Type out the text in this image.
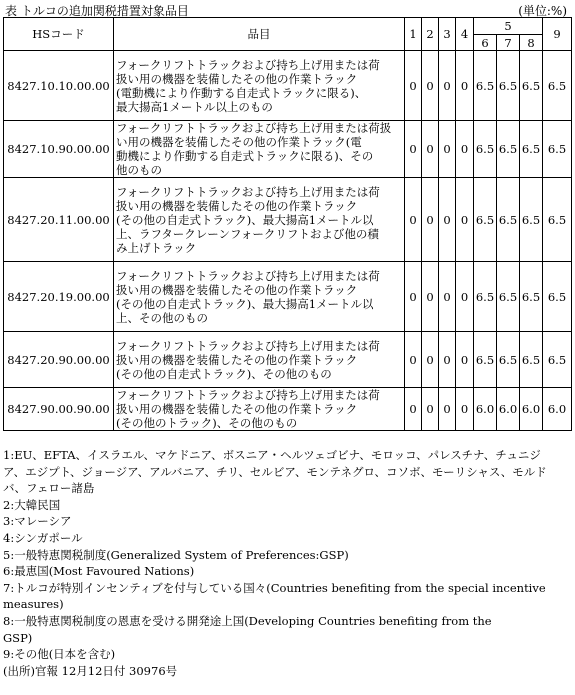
表 トルコの追加関税措置対象品目	(単位:%)
HSコード	品目	1	2	3	4	5			9
						6	7	8	
8427.10.10.00.00	フォークリフトトラックおよび持ち上げ用または荷
扱い用の機器を装備したその他の作業トラック
(電動機により作動する自走式トラックに限る)、
最大揚高1メートル以上のもの	0	0	0	0	6.5	6.5	6.5	6.5
8427.10.90.00.00	フォークリフトトラックおよび持ち上げ用または荷扱
い用の機器を装備したその他の作業トラック(電
動機により作動する自走式トラックに限る)、その
他のもの	0	0	0	0	6.5	6.5	6.5	6.5
8427.20.11.00.00	フォークリフトトラックおよび持ち上げ用または荷
扱い用の機器を装備したその他の作業トラック
(その他の自走式トラック)、最大揚高1メートル以
上、ラフタークレーンフォークリフトおよび他の積
み上げトラック	0	0	0	0	6.5	6.5	6.5	6.5
8427.20.19.00.00	フォークリフトトラックおよび持ち上げ用または荷
扱い用の機器を装備したその他の作業トラック
(その他の自走式トラック)、最大揚高1メートル以
上、その他のもの	0	0	0	0	6.5	6.5	6.5	6.5
8427.20.90.00.00	フォークリフトトラックおよび持ち上げ用または荷
扱い用の機器を装備したその他の作業トラック
(その他の自走式トラック)、その他のもの	0	0	0	0	6.5	6.5	6.5	6.5
8427.90.00.90.00	フォークリフトトラックおよび持ち上げ用または荷
扱い用の機器を装備したその他の作業トラック
(その他のトラック)、その他のもの	0	0	0	0	6.0	6.0	6.0	6.0
1:EU、EFTA、イスラエル、マケドニア、ボスニア・ヘルツェゴビナ、モロッコ、パレスチナ、チュニジ
ア、エジプト、ジョージア、アルバニア、チリ、セルビア、モンテネグロ、コソボ、モーリシャス、モルド
バ、フェロー諸島
2:大韓民国
3:マレーシア
4:シンガポール
5:一般特恵関税制度(Generalized System of Preferences:GSP)
6:最恵国(Most Favoured Nations)
7:トルコが特別インセンティブを付与している国々(Countries benefiting from the special incentive
measures)
8:一般特恵関税制度の恩恵を受ける開発途上国(Developing Countries benefiting from the
GSP)
9:その他(日本を含む)
(出所)官報 12月12日付 30976号
